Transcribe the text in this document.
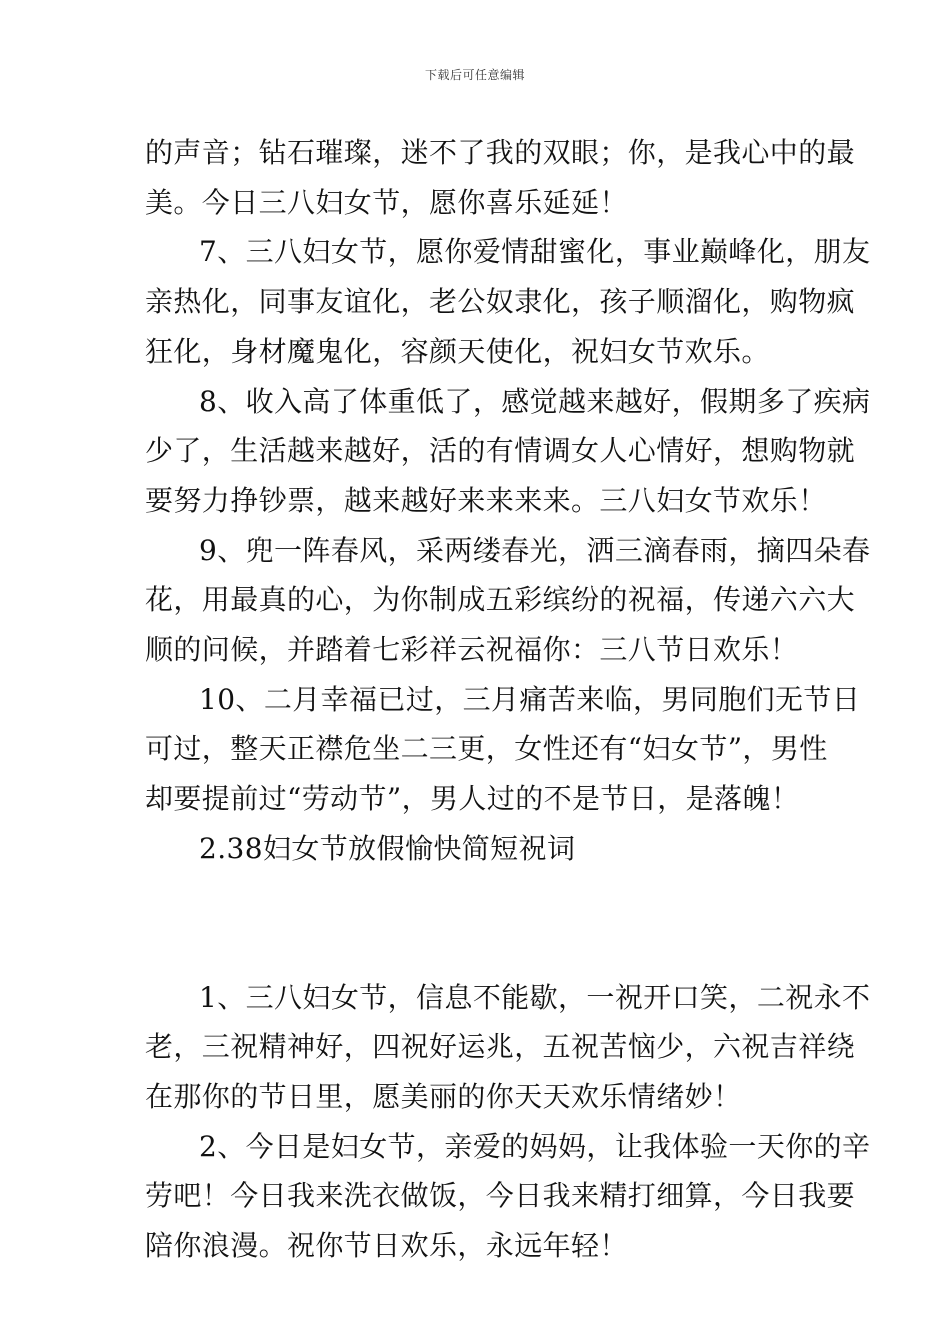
下载后可任意编辑

的声音；钻石璀璨，迷不了我的双眼；你，是我心中的最
美。今日三八妇女节，愿你喜乐延延！

7、三八妇女节，愿你爱情甜蜜化，事业巅峰化，朋友
亲热化，同事友谊化，老公奴隶化，孩子顺溜化，购物疯
狂化，身材魔鬼化，容颜天使化，祝妇女节欢乐。

8、收入高了体重低了，感觉越来越好，假期多了疾病
少了，生活越来越好，活的有情调女人心情好，想购物就
要努力挣钞票，越来越好来来来来。三八妇女节欢乐！

9、兜一阵春风，采两缕春光，洒三滴春雨，摘四朵春
花，用最真的心，为你制成五彩缤纷的祝福，传递六六大
顺的问候，并踏着七彩祥云祝福你：三八节日欢乐！

10、二月幸福已过，三月痛苦来临，男同胞们无节日
可过，整天正襟危坐二三更，女性还有“妇女节”，男性
却要提前过“劳动节”，男人过的不是节日，是落魄！

2.38妇女节放假愉快简短祝词

1、三八妇女节，信息不能歇，一祝开口笑，二祝永不
老，三祝精神好，四祝好运兆，五祝苦恼少，六祝吉祥绕
在那你的节日里，愿美丽的你天天欢乐情绪妙！

2、今日是妇女节，亲爱的妈妈，让我体验一天你的辛
劳吧！今日我来洗衣做饭，今日我来精打细算，今日我要
陪你浪漫。祝你节日欢乐，永远年轻！
